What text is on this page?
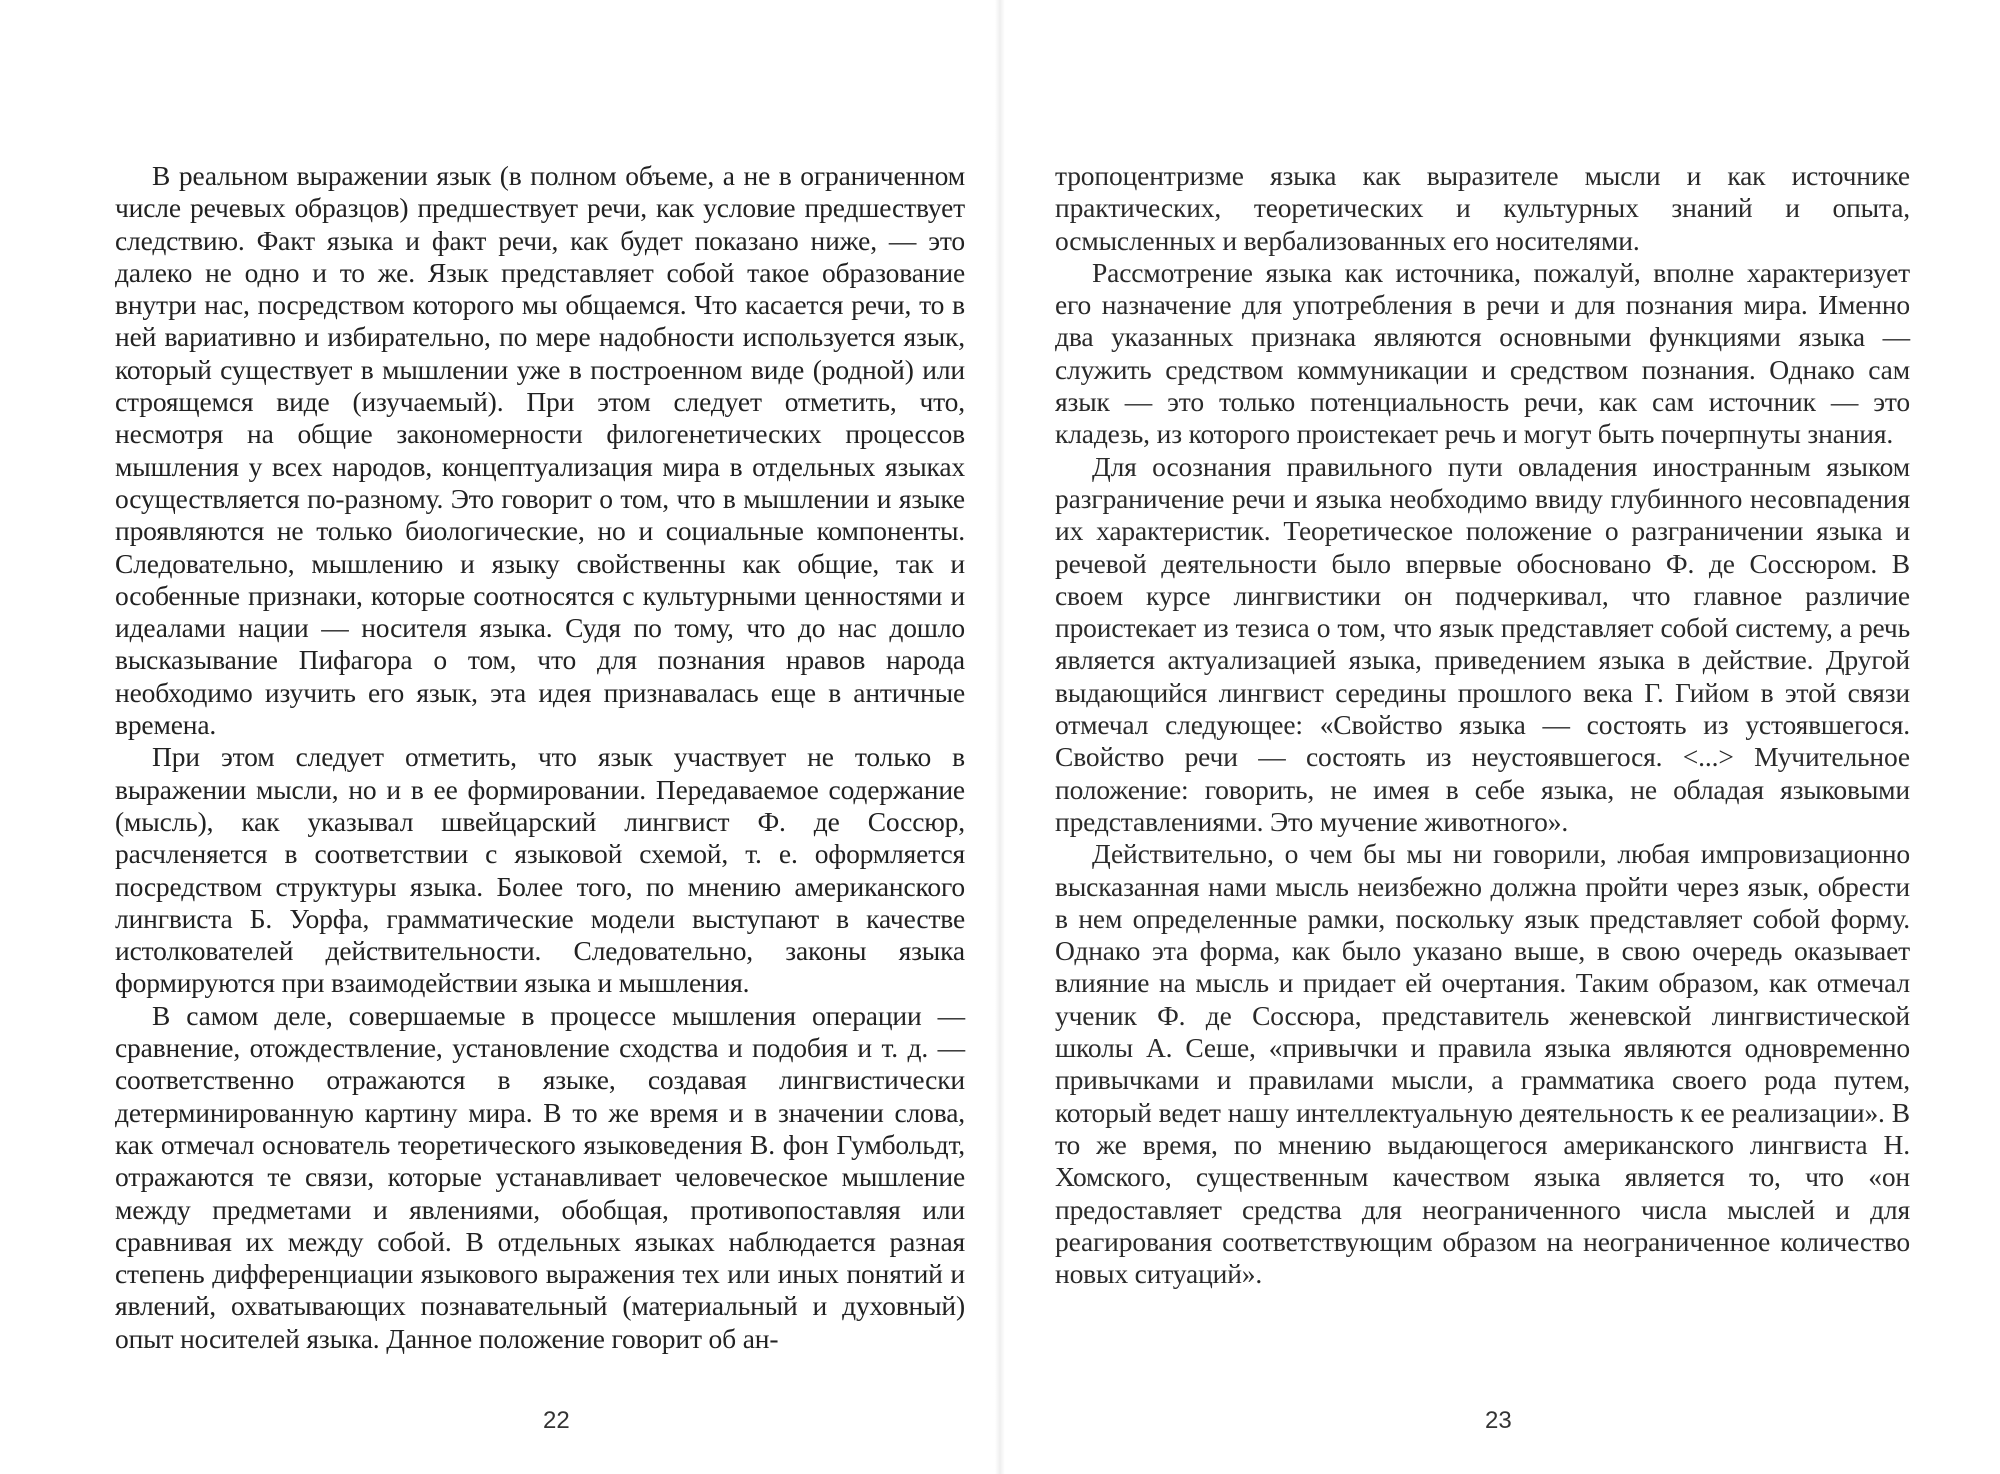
В реальном выражении язык (в полном объеме, а не в ограниченном числе речевых образцов) предшествует речи, как условие предшествует следствию. Факт языка и факт речи, как будет показано ниже, — это далеко не одно и то же. Язык представляет собой такое образование внутри нас, посредством которого мы общаемся. Что касается речи, то в ней вариативно и избирательно, по мере надобности используется язык, который существует в мышлении уже в построенном виде (родной) или строящемся виде (изучаемый). При этом следует отметить, что, несмотря на общие закономерности филогенетических процессов мышления у всех народов, концептуализация мира в отдельных языках осуществляется по-разному. Это говорит о том, что в мышлении и языке проявляются не только биологические, но и социальные компоненты. Следовательно, мышлению и языку свойственны как общие, так и особенные признаки, которые соотносятся с культурными ценностями и идеалами нации — носителя языка. Судя по тому, что до нас дошло высказывание Пифагора о том, что для познания нравов народа необходимо изучить его язык, эта идея признавалась еще в античные времена.

При этом следует отметить, что язык участвует не только в выражении мысли, но и в ее формировании. Передаваемое содержание (мысль), как указывал швейцарский лингвист Ф. де Соссюр, расчленяется в соответствии с языковой схемой, т. е. оформляется посредством структуры языка. Более того, по мнению американского лингвиста Б. Уорфа, грамматические модели выступают в качестве истолкователей действительности. Следовательно, законы языка формируются при взаимодействии языка и мышления.

В самом деле, совершаемые в процессе мышления операции — сравнение, отождествление, установление сходства и подобия и т. д. — соответственно отражаются в языке, создавая лингвистически детерминированную картину мира. В то же время и в значении слова, как отмечал основатель теоретического языковедения В. фон Гумбольдт, отражаются те связи, которые устанавливает человеческое мышление между предметами и явлениями, обобщая, противопоставляя или сравнивая их между собой. В отдельных языках наблюдается разная степень дифференциации языкового выражения тех или иных понятий и явлений, охватывающих познавательный (материальный и духовный) опыт носителей языка. Данное положение говорит об ан-

тропоцентризме языка как выразителе мысли и как источнике практических, теоретических и культурных знаний и опыта, осмысленных и вербализованных его носителями.

Рассмотрение языка как источника, пожалуй, вполне характеризует его назначение для употребления в речи и для познания мира. Именно два указанных признака являются основными функциями языка — служить средством коммуникации и средством познания. Однако сам язык — это только потенциальность речи, как сам источник — это кладезь, из которого проистекает речь и могут быть почерпнуты знания.

Для осознания правильного пути овладения иностранным языком разграничение речи и языка необходимо ввиду глубинного несовпадения их характеристик. Теоретическое положение о разграничении языка и речевой деятельности было впервые обосновано Ф. де Соссюром. В своем курсе лингвистики он подчеркивал, что главное различие проистекает из тезиса о том, что язык представляет собой систему, а речь является актуализацией языка, приведением языка в действие. Другой выдающийся лингвист середины прошлого века Г. Гийом в этой связи отмечал следующее: «Свойство языка — состоять из устоявшегося. Свойство речи — состоять из неустоявшегося. <...> Мучительное положение: говорить, не имея в себе языка, не обладая языковыми представлениями. Это мучение животного».

Действительно, о чем бы мы ни говорили, любая импровизационно высказанная нами мысль неизбежно должна пройти через язык, обрести в нем определенные рамки, поскольку язык представляет собой форму. Однако эта форма, как было указано выше, в свою очередь оказывает влияние на мысль и придает ей очертания. Таким образом, как отмечал ученик Ф. де Соссюра, представитель женевской лингвистической школы А. Сеше, «привычки и правила языка являются одновременно привычками и правилами мысли, а грамматика своего рода путем, который ведет нашу интеллектуальную деятельность к ее реализации». В то же время, по мнению выдающегося американского лингвиста Н. Хомского, существенным качеством языка является то, что «он предоставляет средства для неограниченного числа мыслей и для реагирования соответствующим образом на неограниченное количество новых ситуаций».

22	23
